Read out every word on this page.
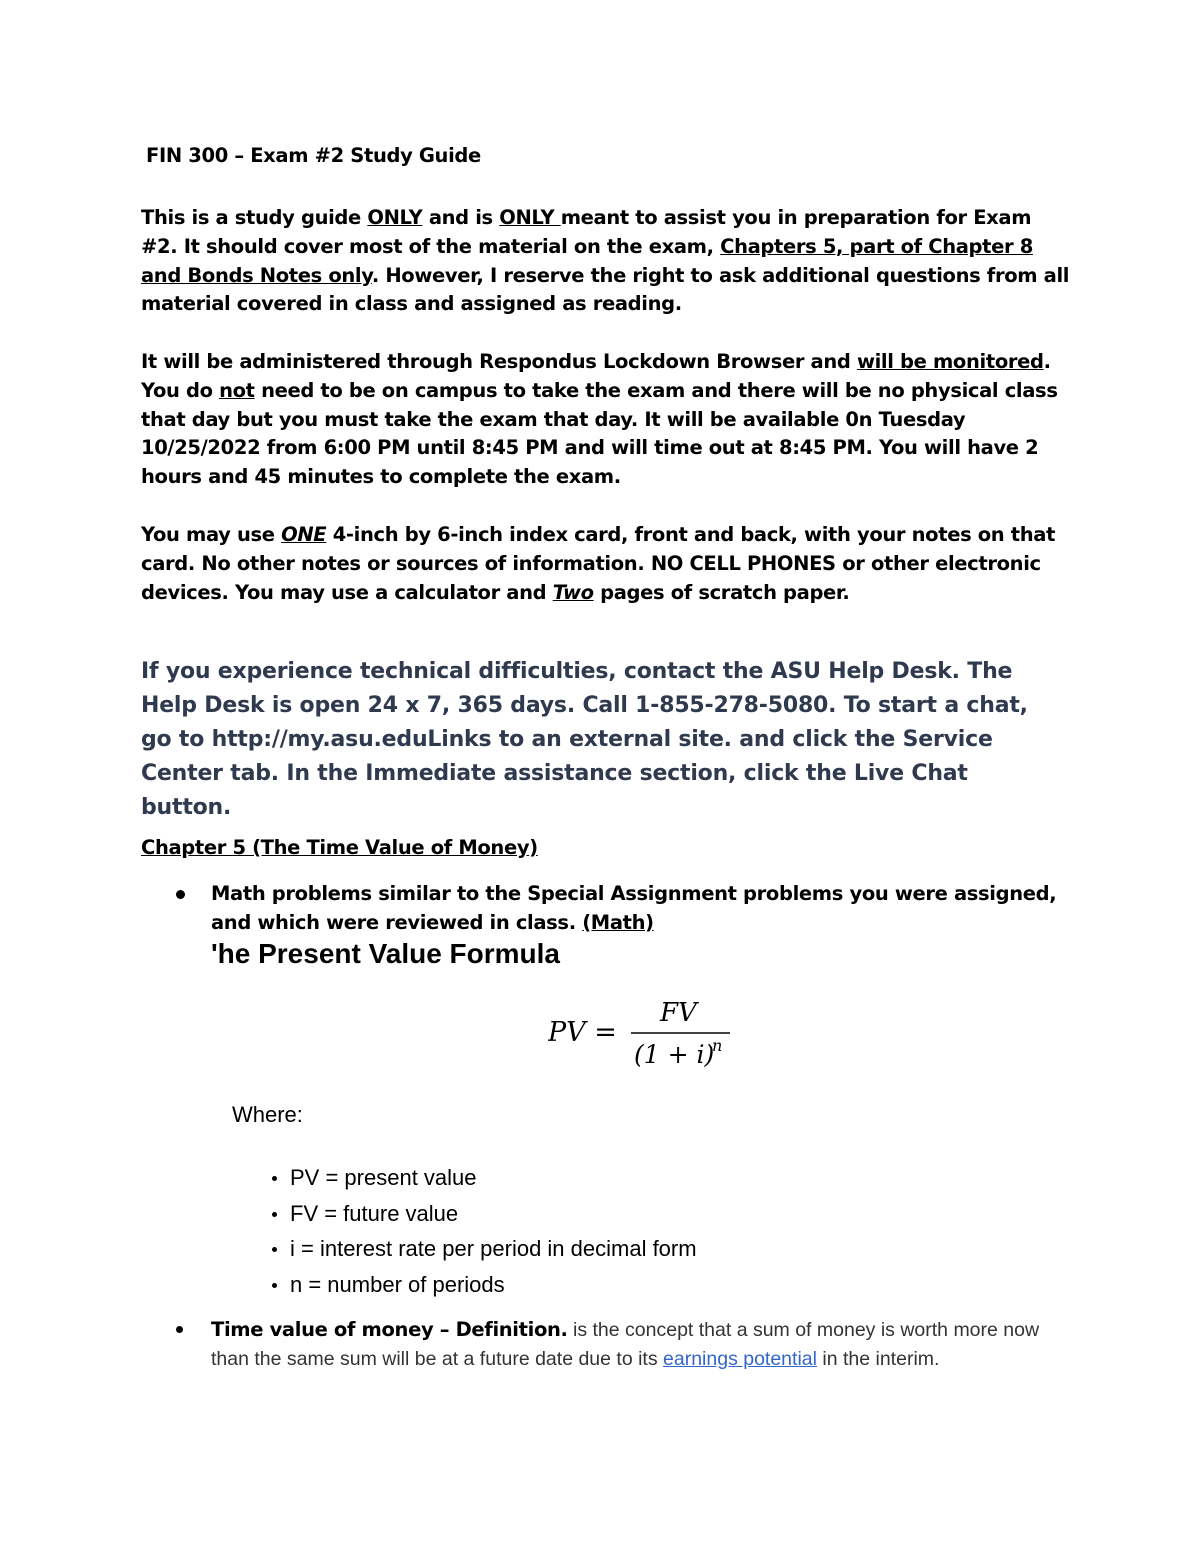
FIN 300 – Exam #2 Study Guide
This is a study guide ONLY and is ONLY meant to assist you in preparation for Exam #2. It should cover most of the material on the exam, Chapters 5, part of Chapter 8 and Bonds Notes only. However, I reserve the right to ask additional questions from all material covered in class and assigned as reading.
It will be administered through Respondus Lockdown Browser and will be monitored. You do not need to be on campus to take the exam and there will be no physical class that day but you must take the exam that day. It will be available 0n Tuesday 10/25/2022 from 6:00 PM until 8:45 PM and will time out at 8:45 PM. You will have 2 hours and 45 minutes to complete the exam.
You may use ONE 4-inch by 6-inch index card, front and back, with your notes on that card. No other notes or sources of information. NO CELL PHONES or other electronic devices. You may use a calculator and Two pages of scratch paper.
If you experience technical difficulties, contact the ASU Help Desk. The Help Desk is open 24 x 7, 365 days. Call 1-855-278-5080. To start a chat, go to http://my.asu.eduLinks to an external site. and click the Service Center tab. In the Immediate assistance section, click the Live Chat button.
Chapter 5 (The Time Value of Money)
Math problems similar to the Special Assignment problems you were assigned, and which were reviewed in class. (Math)
'he Present Value Formula
PV =
FV
(1 + i)
n
Where:
PV = present value
FV = future value
i = interest rate per period in decimal form
n = number of periods
Time value of money – Definition. is the concept that a sum of money is worth more now than the same sum will be at a future date due to its earnings potential in the interim.
